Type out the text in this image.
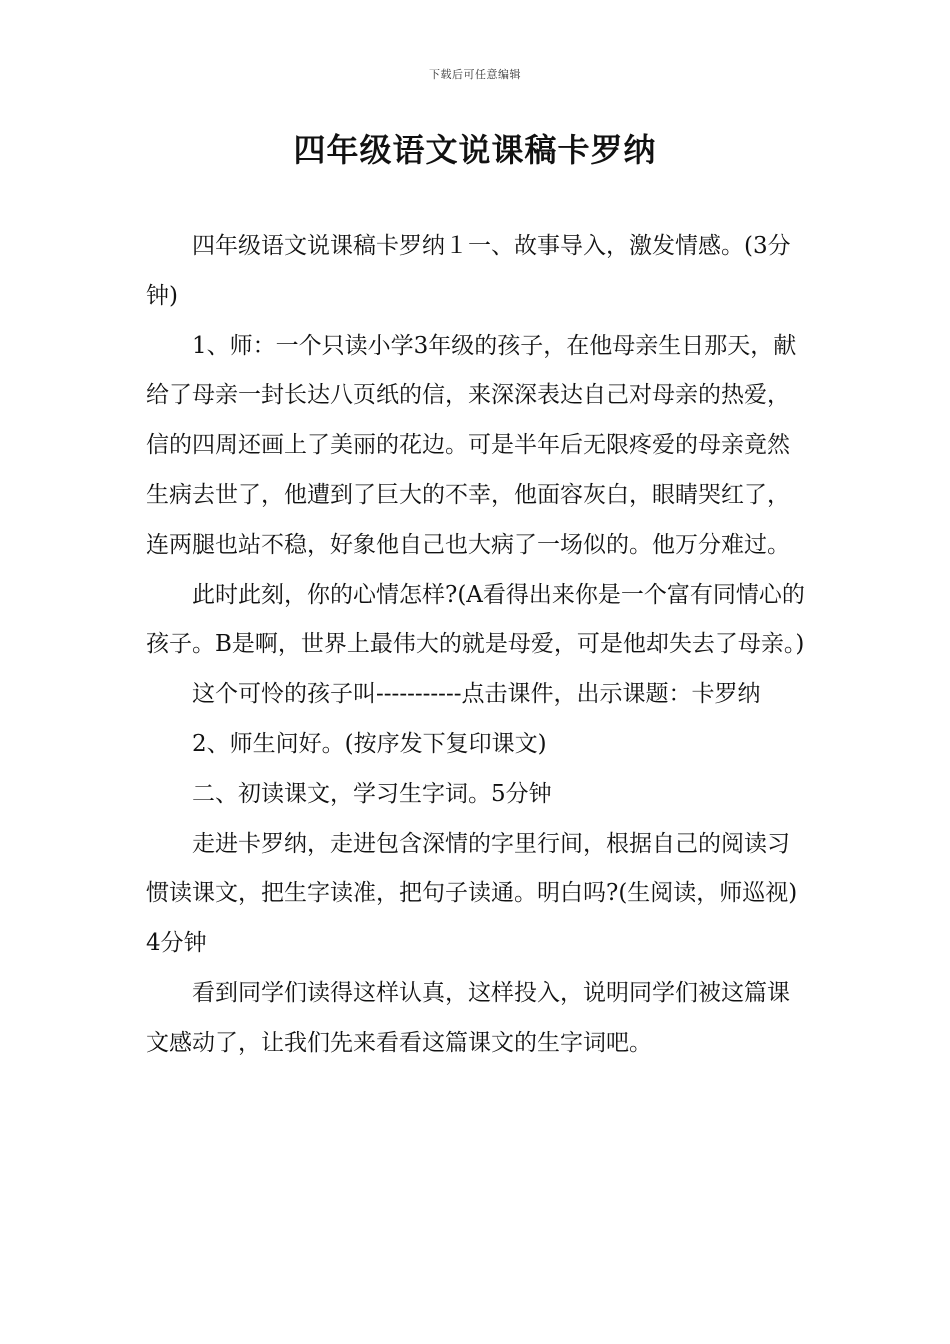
下载后可任意编辑
四年级语文说课稿卡罗纳

四年级语文说课稿卡罗纳１一、故事导入，激发情感。(3分钟)

1、师：一个只读小学3年级的孩子，在他母亲生日那天，献给了母亲一封长达八页纸的信，来深深表达自己对母亲的热爱，信的四周还画上了美丽的花边。可是半年后无限疼爱的母亲竟然生病去世了，他遭到了巨大的不幸，他面容灰白，眼睛哭红了，连两腿也站不稳，好象他自己也大病了一场似的。他万分难过。

此时此刻，你的心情怎样?(A看得出来你是一个富有同情心的孩子。B是啊，世界上最伟大的就是母爱，可是他却失去了母亲。)

这个可怜的孩子叫-----------点击课件，出示课题：卡罗纳

2、师生问好。(按序发下复印课文)

二、初读课文，学习生字词。5分钟

走进卡罗纳，走进包含深情的字里行间，根据自己的阅读习惯读课文，把生字读准，把句子读通。明白吗?(生阅读，师巡视)4分钟

看到同学们读得这样认真，这样投入，说明同学们被这篇课文感动了，让我们先来看看这篇课文的生字词吧。
